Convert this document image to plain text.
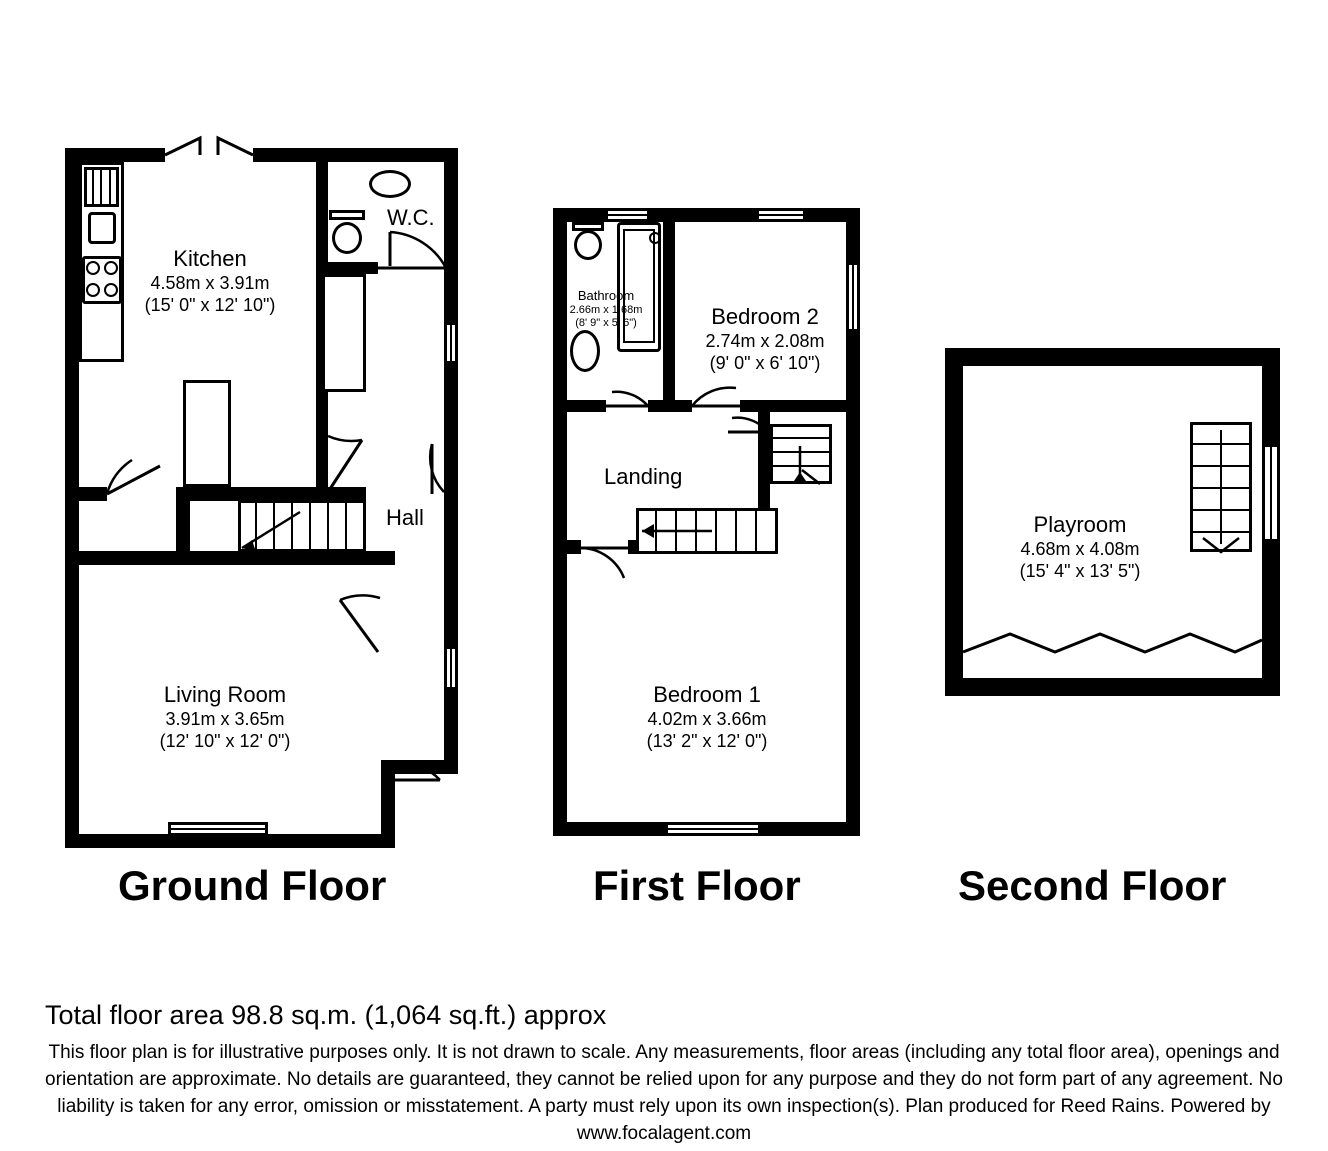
Kitchen
4.58m x 3.91m
(15' 0" x 12' 10")
W.C.
Hall
Living Room
3.91m x 3.65m
(12' 10" x 12' 0")
Ground Floor
Bathroom
2.66m x 1.68m
(8' 9" x 5' 6")	Bedroom 2
2.74m x 2.08m
(9' 0" x 6' 10")
Landing
Bedroom 1
4.02m x 3.66m
(13' 2" x 12' 0")
First Floor
Playroom
4.68m x 4.08m
(15' 4" x 13' 5")
Second Floor
Total floor area 98.8 sq.m. (1,064 sq.ft.) approx
This floor plan is for illustrative purposes only. It is not drawn to scale. Any measurements, floor areas (including any total floor area), openings and orientation are approximate. No details are guaranteed, they cannot be relied upon for any purpose and they do not form part of any agreement. No liability is taken for any error, omission or misstatement. A party must rely upon its own inspection(s). Plan produced for Reed Rains. Powered by www.focalagent.com
